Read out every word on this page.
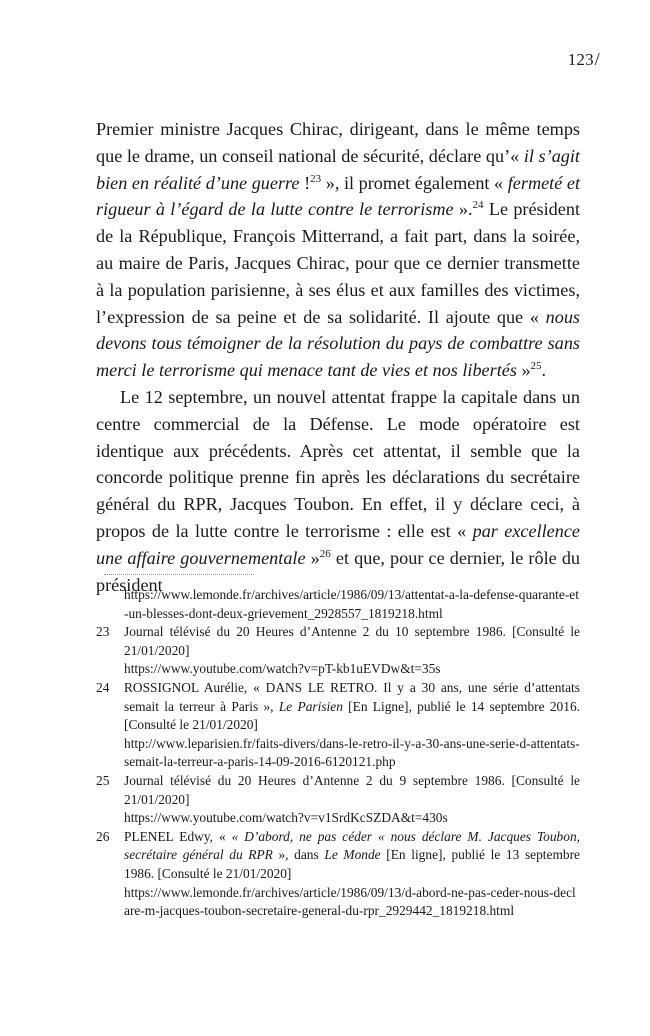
123/

Premier ministre Jacques Chirac, dirigeant, dans le même temps que le drame, un conseil national de sécurité, déclare qu’« il s’agit bien en réalité d’une guerre !$^{23}$ », il promet également « fermeté et rigueur à l’égard de la lutte contre le terrorisme ».$^{24}$ Le président de la République, François Mitterrand, a fait part, dans la soirée, au maire de Paris, Jacques Chirac, pour que ce dernier transmette à la population parisienne, à ses élus et aux familles des victimes, l’expression de sa peine et de sa solidarité. Il ajoute que « nous devons tous témoigner de la résolution du pays de combattre sans merci le terrorisme qui menace tant de vies et nos libertés »$^{25}$.

Le 12 septembre, un nouvel attentat frappe la capitale dans un centre commercial de la Défense. Le mode opératoire est identique aux précédents. Après cet attentat, il semble que la concorde politique prenne fin après les déclarations du secrétaire général du RPR, Jacques Toubon. En effet, il y déclare ceci, à propos de la lutte contre le terrorisme : elle est « par excellence une affaire gouvernementale »$^{26}$ et que, pour ce dernier, le rôle du président

https://www.lemonde.fr/archives/article/1986/09/13/attentat-a-la-defense-quarante-et-un-blesses-dont-deux-grievement_2928557_1819218.html
23	Journal télévisé du 20 Heures d’Antenne 2 du 10 septembre 1986. [Consulté le 21/01/2020]
https://www.youtube.com/watch?v=pT-kb1uEVDw&t=35s
24	ROSSIGNOL Aurélie, « DANS LE RETRO. Il y a 30 ans, une série d’attentats semait la terreur à Paris », Le Parisien [En Ligne], publié le 14 septembre 2016. [Consulté le 21/01/2020]
http://www.leparisien.fr/faits-divers/dans-le-retro-il-y-a-30-ans-une-serie-d-attentats-semait-la-terreur-a-paris-14-09-2016-6120121.php
25	Journal télévisé du 20 Heures d’Antenne 2 du 9 septembre 1986. [Consulté le 21/01/2020]
https://www.youtube.com/watch?v=v1SrdKcSZDA&t=430s
26	PLENEL Edwy, « « D’abord, ne pas céder « nous déclare M. Jacques Toubon, secrétaire général du RPR », dans Le Monde [En ligne], publié le 13 septembre 1986. [Consulté le 21/01/2020]
https://www.lemonde.fr/archives/article/1986/09/13/d-abord-ne-pas-ceder-nous-declare-m-jacques-toubon-secretaire-general-du-rpr_2929442_1819218.html
